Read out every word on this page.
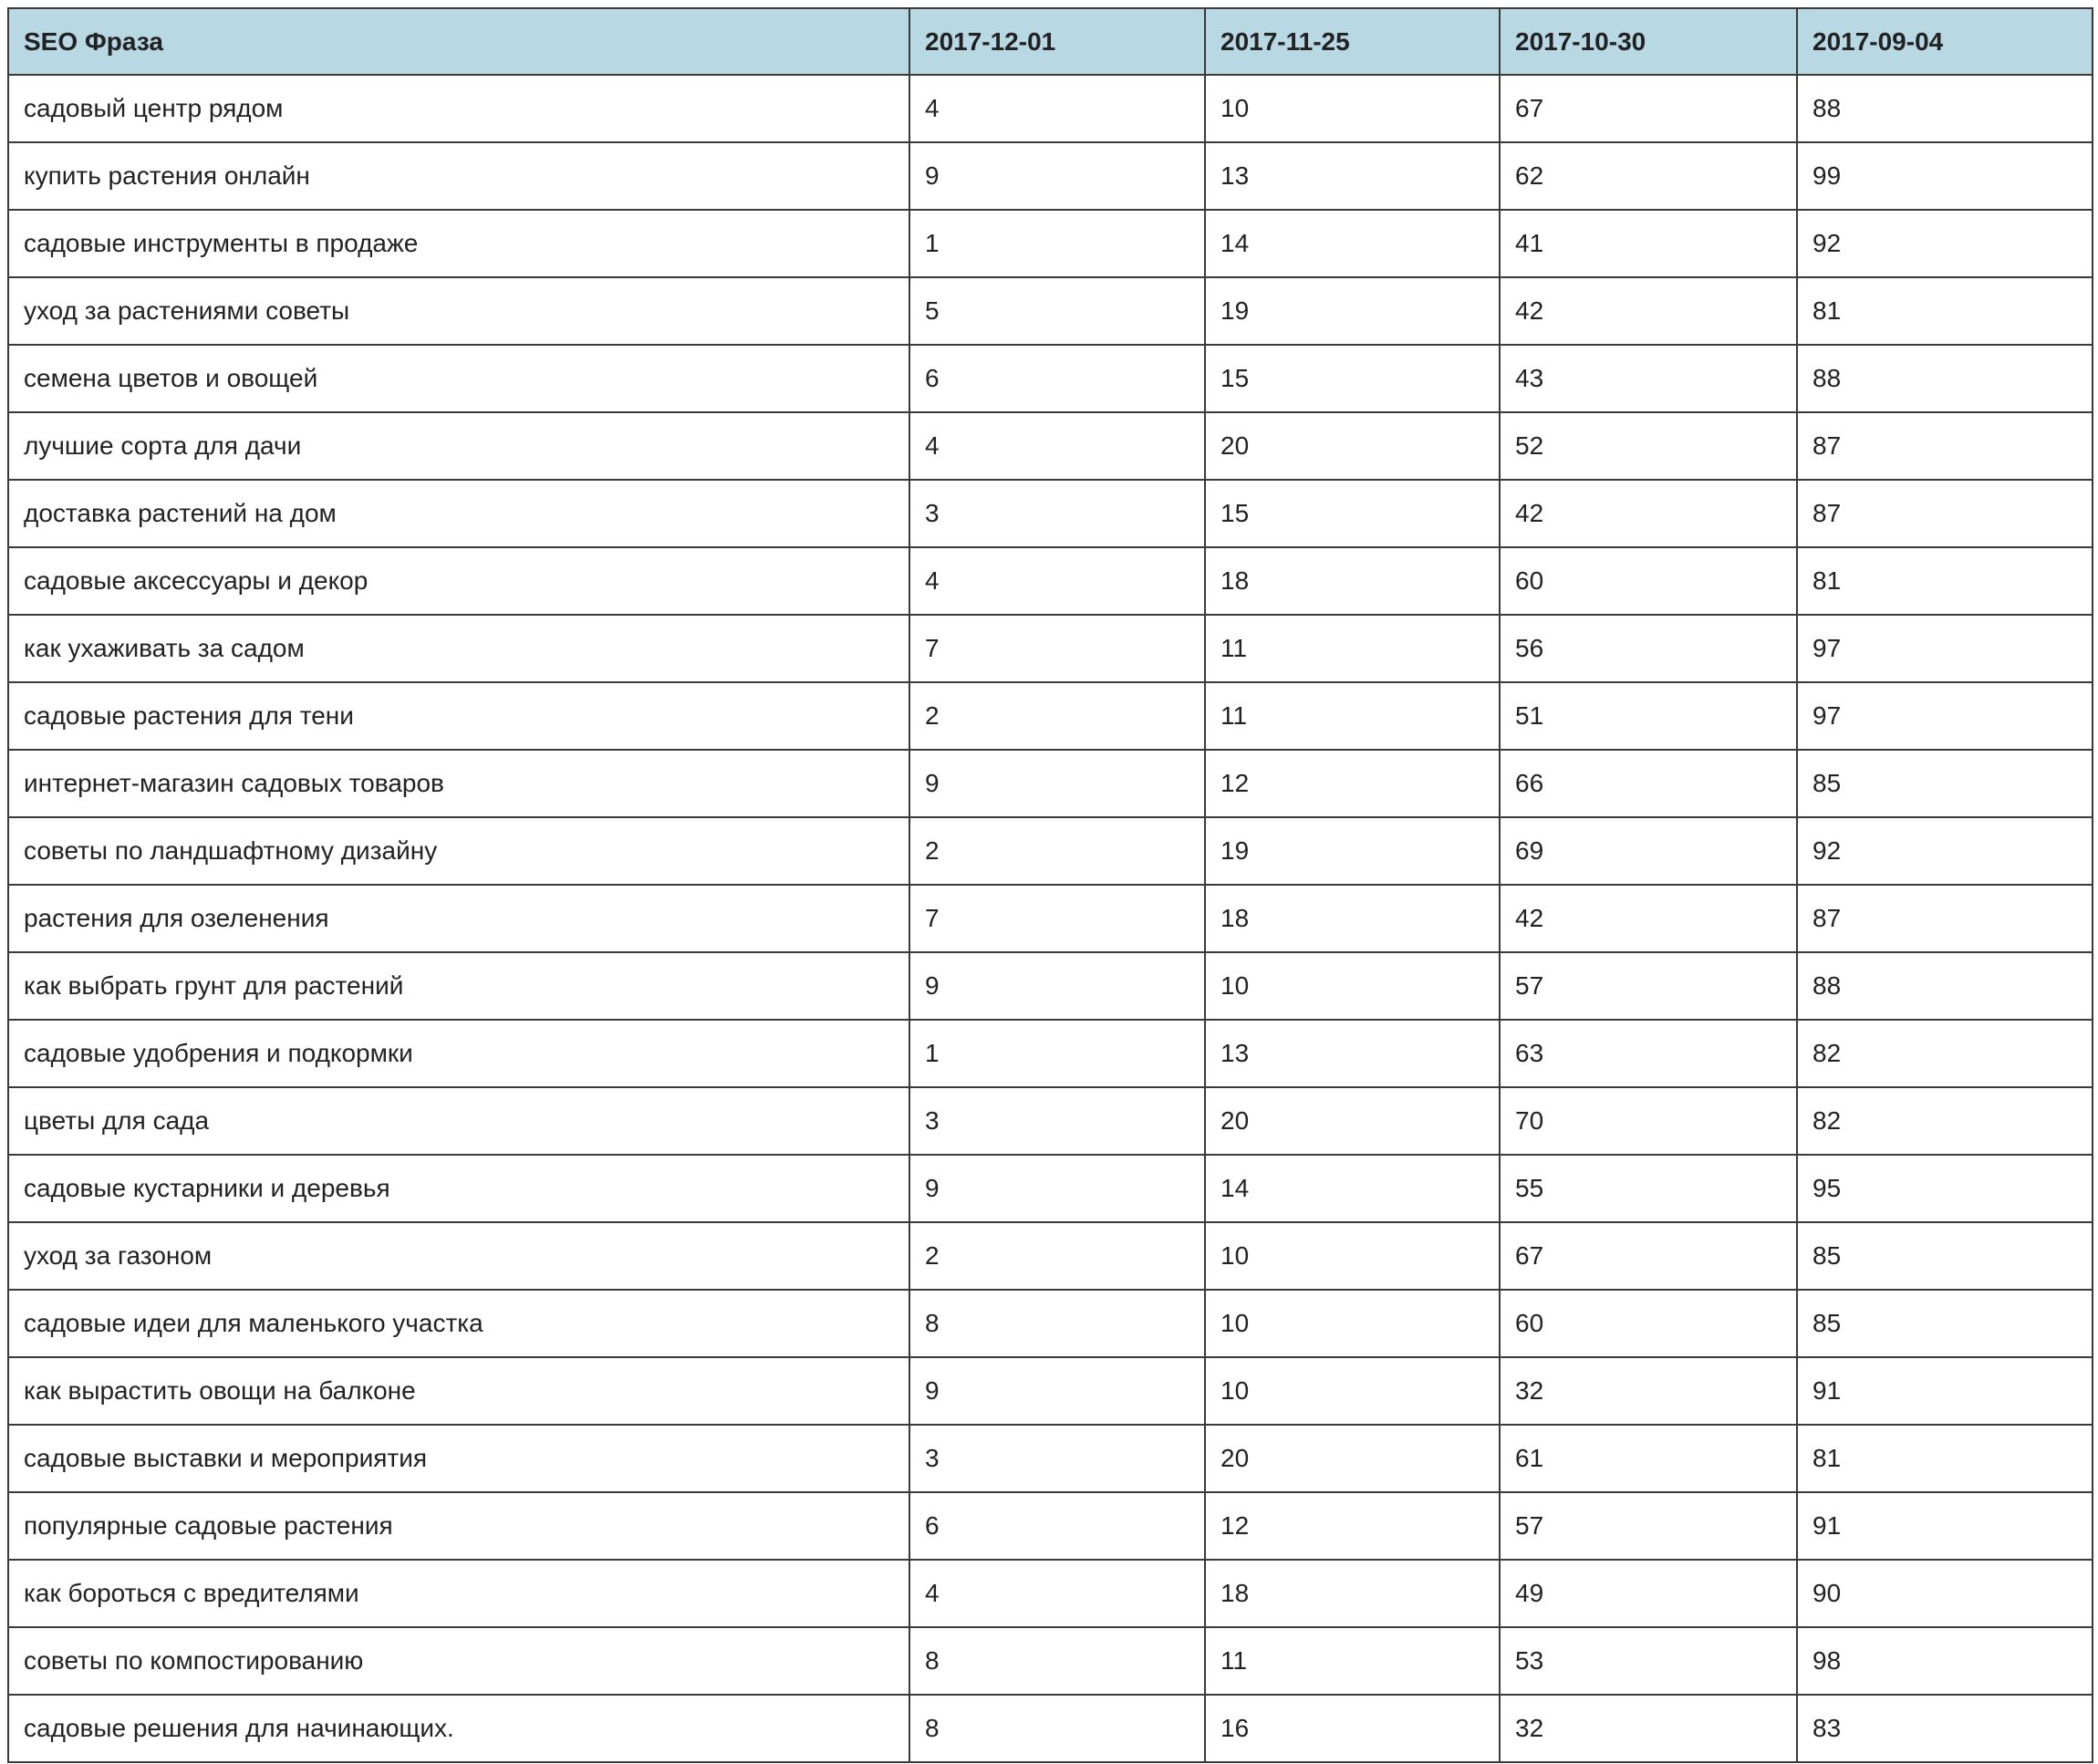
SEO Фраза	2017-12-01	2017-11-25	2017-10-30	2017-09-04
садовый центр рядом	4	10	67	88
купить растения онлайн	9	13	62	99
садовые инструменты в продаже	1	14	41	92
уход за растениями советы	5	19	42	81
семена цветов и овощей	6	15	43	88
лучшие сорта для дачи	4	20	52	87
доставка растений на дом	3	15	42	87
садовые аксессуары и декор	4	18	60	81
как ухаживать за садом	7	11	56	97
садовые растения для тени	2	11	51	97
интернет-магазин садовых товаров	9	12	66	85
советы по ландшафтному дизайну	2	19	69	92
растения для озеленения	7	18	42	87
как выбрать грунт для растений	9	10	57	88
садовые удобрения и подкормки	1	13	63	82
цветы для сада	3	20	70	82
садовые кустарники и деревья	9	14	55	95
уход за газоном	2	10	67	85
садовые идеи для маленького участка	8	10	60	85
как вырастить овощи на балконе	9	10	32	91
садовые выставки и мероприятия	3	20	61	81
популярные садовые растения	6	12	57	91
как бороться с вредителями	4	18	49	90
советы по компостированию	8	11	53	98
садовые решения для начинающих.	8	16	32	83
